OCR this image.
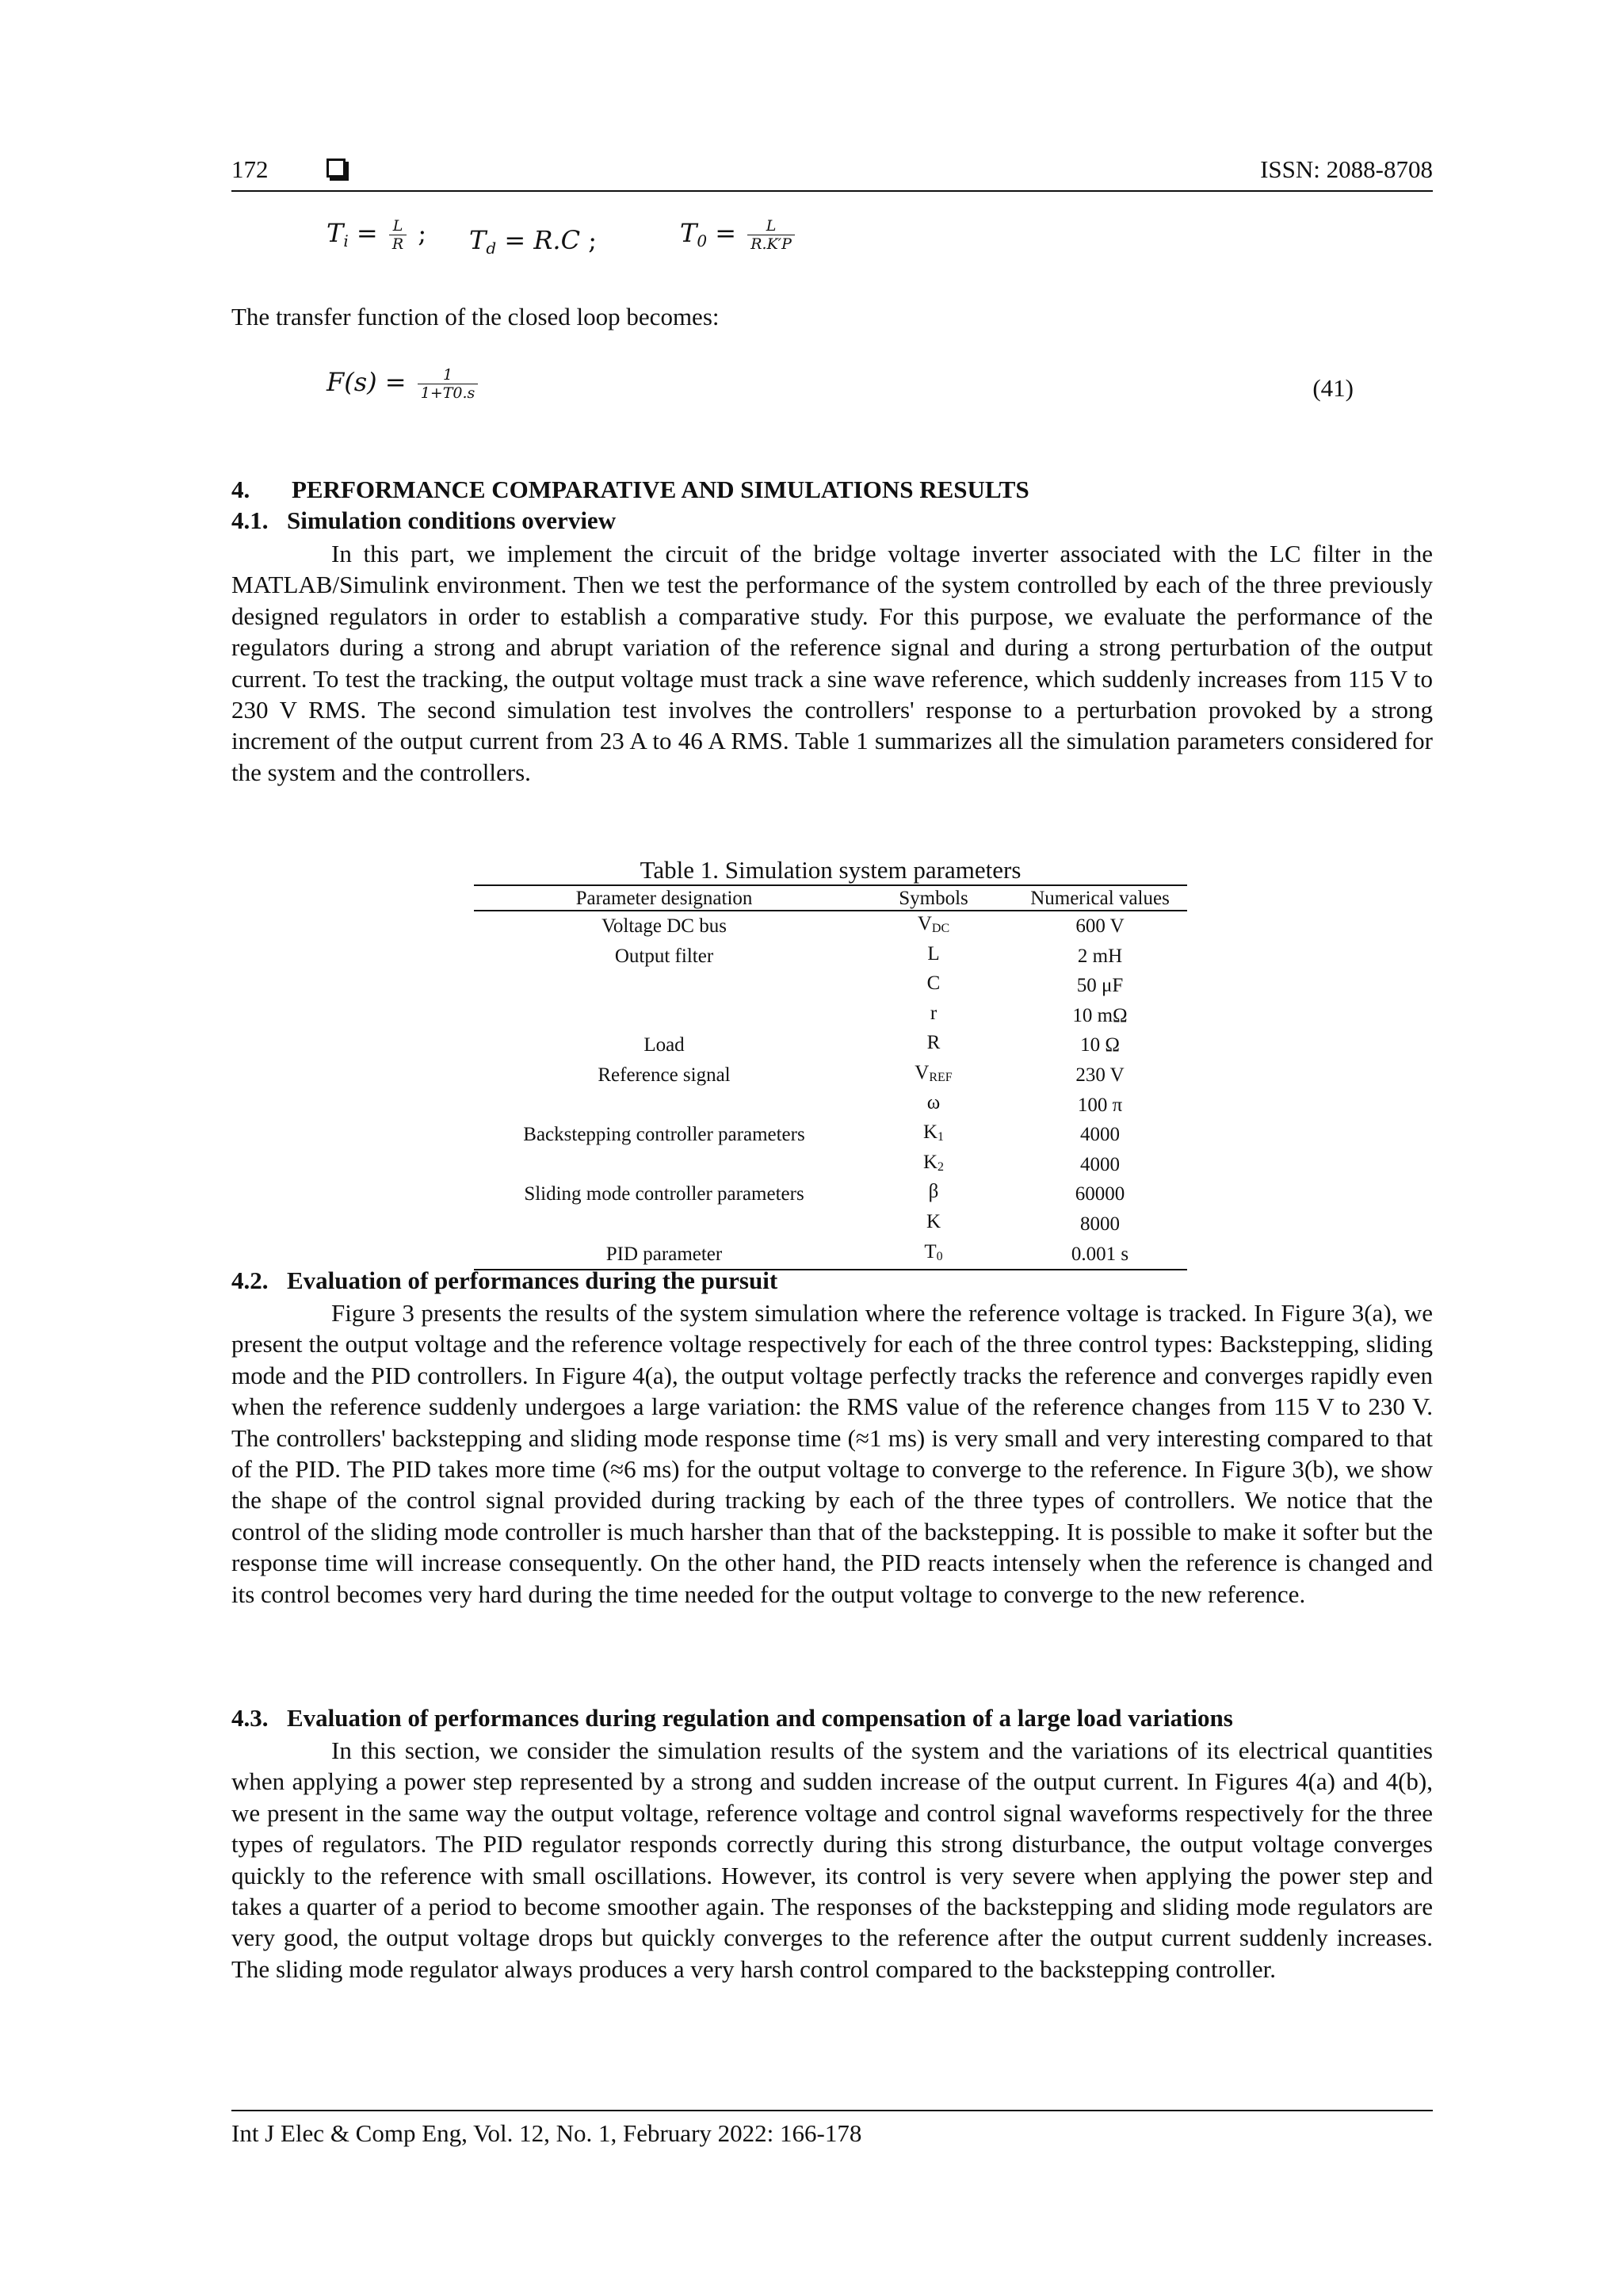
172	ISSN: 2088-8708
$T_i = \frac{L}{R}$ ; $T_d = R.C$ ;	$T_0 = \frac{L}{R.K'P}$
The transfer function of the closed loop becomes:
$F(s) = \frac{1}{1+T0.s}$	(41)
4. PERFORMANCE COMPARATIVE AND SIMULATIONS RESULTS
4.1. Simulation conditions overview
In this part, we implement the circuit of the bridge voltage inverter associated with the LC filter in the MATLAB/Simulink environment. Then we test the performance of the system controlled by each of the three previously designed regulators in order to establish a comparative study. For this purpose, we evaluate the performance of the regulators during a strong and abrupt variation of the reference signal and during a strong perturbation of the output current. To test the tracking, the output voltage must track a sine wave reference, which suddenly increases from 115 V to 230 V RMS. The second simulation test involves the controllers' response to a perturbation provoked by a strong increment of the output current from 23 A to 46 A RMS. Table 1 summarizes all the simulation parameters considered for the system and the controllers.
Table 1. Simulation system parameters
Parameter designation	Symbols	Numerical values
Voltage DC bus	VDC	600 V
Output filter	L	2 mH
	C	50 μF
	r	10 mΩ
Load	R	10 Ω
Reference signal	VREF	230 V
	ω	100 π
Backstepping controller parameters	K1	4000
	K2	4000
Sliding mode controller parameters	β	60000
	K	8000
PID parameter	T0	0.001 s
4.2. Evaluation of performances during the pursuit
Figure 3 presents the results of the system simulation where the reference voltage is tracked. In Figure 3(a), we present the output voltage and the reference voltage respectively for each of the three control types: Backstepping, sliding mode and the PID controllers. In Figure 4(a), the output voltage perfectly tracks the reference and converges rapidly even when the reference suddenly undergoes a large variation: the RMS value of the reference changes from 115 V to 230 V. The controllers' backstepping and sliding mode response time (≈1 ms) is very small and very interesting compared to that of the PID. The PID takes more time (≈6 ms) for the output voltage to converge to the reference. In Figure 3(b), we show the shape of the control signal provided during tracking by each of the three types of controllers. We notice that the control of the sliding mode controller is much harsher than that of the backstepping. It is possible to make it softer but the response time will increase consequently. On the other hand, the PID reacts intensely when the reference is changed and its control becomes very hard during the time needed for the output voltage to converge to the new reference.
4.3. Evaluation of performances during regulation and compensation of a large load variations
In this section, we consider the simulation results of the system and the variations of its electrical quantities when applying a power step represented by a strong and sudden increase of the output current. In Figures 4(a) and 4(b), we present in the same way the output voltage, reference voltage and control signal waveforms respectively for the three types of regulators. The PID regulator responds correctly during this strong disturbance, the output voltage converges quickly to the reference with small oscillations. However, its control is very severe when applying the power step and takes a quarter of a period to become smoother again. The responses of the backstepping and sliding mode regulators are very good, the output voltage drops but quickly converges to the reference after the output current suddenly increases. The sliding mode regulator always produces a very harsh control compared to the backstepping controller.
Int J Elec & Comp Eng, Vol. 12, No. 1, February 2022: 166-178
